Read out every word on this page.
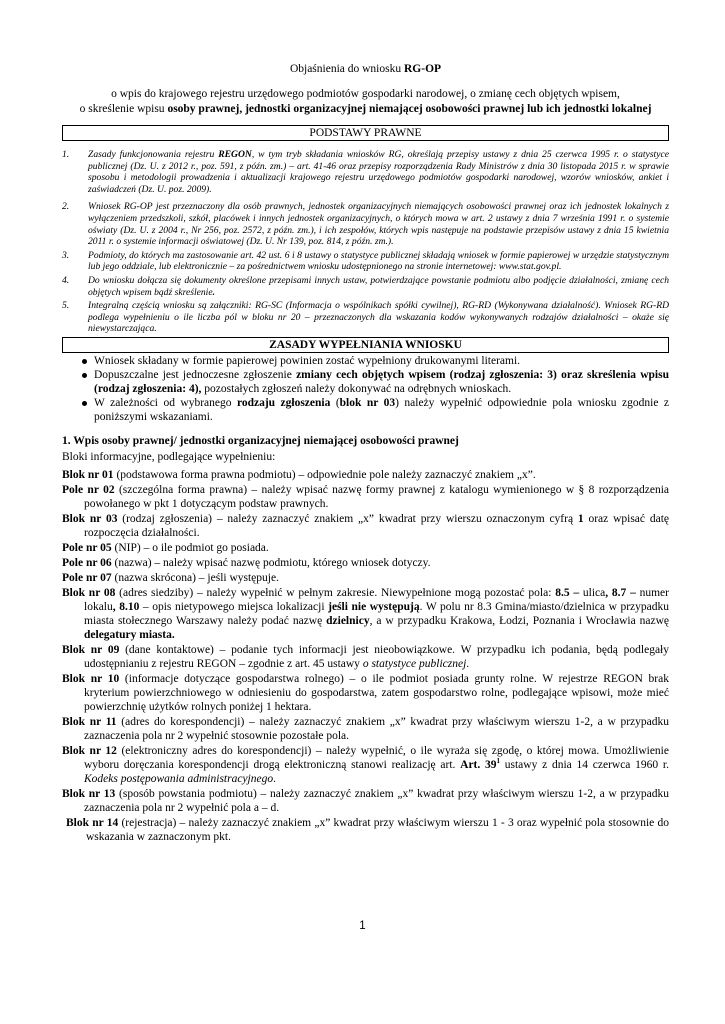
Objaśnienia do wniosku RG-OP
o wpis do krajowego rejestru urzędowego podmiotów gospodarki narodowej, o zmianę cech objętych wpisem,
o skreślenie wpisu osoby prawnej, jednostki organizacyjnej niemającej osobowości prawnej lub ich jednostki lokalnej
PODSTAWY PRAWNE
1. Zasady funkcjonowania rejestru REGON, w tym tryb składania wniosków RG, określają przepisy ustawy z dnia 25 czerwca 1995 r. o statystyce publicznej (Dz. U. z 2012 r., poz. 591, z późn. zm.) – art. 41-46 oraz przepisy rozporządzenia Rady Ministrów z dnia 30 listopada 2015 r. w sprawie sposobu i metodologii prowadzenia i aktualizacji krajowego rejestru urzędowego podmiotów gospodarki narodowej, wzorów wniosków, ankiet i zaświadczeń (Dz. U. poz. 2009).
2. Wniosek RG-OP jest przeznaczony dla osób prawnych, jednostek organizacyjnych niemających osobowości prawnej oraz ich jednostek lokalnych z wyłączeniem przedszkoli, szkół, placówek i innych jednostek organizacyjnych, o których mowa w art. 2 ustawy z dnia 7 września 1991 r. o systemie oświaty (Dz. U. z 2004 r., Nr 256, poz. 2572, z późn. zm.), i ich zespołów, których wpis następuje na podstawie przepisów ustawy z dnia 15 kwietnia 2011 r. o systemie informacji oświatowej (Dz. U. Nr 139, poz. 814, z późn. zm.).
3. Podmioty, do których ma zastosowanie art. 42 ust. 6 i 8 ustawy o statystyce publicznej składają wniosek w formie papierowej w urzędzie statystycznym lub jego oddziale, lub elektronicznie – za pośrednictwem wniosku udostępnionego na stronie internetowej: www.stat.gov.pl.
4. Do wniosku dołącza się dokumenty określone przepisami innych ustaw, potwierdzające powstanie podmiotu albo podjęcie działalności, zmianę cech objętych wpisem bądź skreślenie.
5. Integralną częścią wniosku są załączniki: RG-SC (Informacja o wspólnikach spółki cywilnej), RG-RD (Wykonywana działalność). Wniosek RG-RD podlega wypełnieniu o ile liczba pól w bloku nr 20 – przeznaczonych dla wskazania kodów wykonywanych rodzajów działalności – okaże się niewystarczająca.
ZASADY WYPEŁNIANIA WNIOSKU
Wniosek składany w formie papierowej powinien zostać wypełniony drukowanymi literami.
Dopuszczalne jest jednoczesne zgłoszenie zmiany cech objętych wpisem (rodzaj zgłoszenia: 3) oraz skreślenia wpisu (rodzaj zgłoszenia: 4), pozostałych zgłoszeń należy dokonywać na odrębnych wnioskach.
W zależności od wybranego rodzaju zgłoszenia (blok nr 03) należy wypełnić odpowiednie pola wniosku zgodnie z poniższymi wskazaniami.
1. Wpis osoby prawnej/ jednostki organizacyjnej niemającej osobowości prawnej
Bloki informacyjne, podlegające wypełnieniu:
Blok nr 01 (podstawowa forma prawna podmiotu) – odpowiednie pole należy zaznaczyć znakiem „x”.
Pole nr 02 (szczególna forma prawna) – należy wpisać nazwę formy prawnej z katalogu wymienionego w § 8 rozporządzenia powołanego w pkt 1 dotyczącym podstaw prawnych.
Blok nr 03 (rodzaj zgłoszenia) – należy zaznaczyć znakiem „x” kwadrat przy wierszu oznaczonym cyfrą 1 oraz wpisać datę rozpoczęcia działalności.
Pole nr 05 (NIP) – o ile podmiot go posiada.
Pole nr 06 (nazwa) – należy wpisać nazwę podmiotu, którego wniosek dotyczy.
Pole nr 07 (nazwa skrócona) – jeśli występuje.
Blok nr 08 (adres siedziby) – należy wypełnić w pełnym zakresie. Niewypełnione mogą pozostać pola: 8.5 – ulica, 8.7 – numer lokalu, 8.10 – opis nietypowego miejsca lokalizacji jeśli nie występują. W polu nr 8.3 Gmina/miasto/dzielnica w przypadku miasta stołecznego Warszawy należy podać nazwę dzielnicy, a w przypadku Krakowa, Łodzi, Poznania i Wrocławia nazwę delegatury miasta.
Blok nr 09 (dane kontaktowe) – podanie tych informacji jest nieobowiązkowe. W przypadku ich podania, będą podlegały udostępnianiu z rejestru REGON – zgodnie z art. 45 ustawy o statystyce publicznej.
Blok nr 10 (informacje dotyczące gospodarstwa rolnego) – o ile podmiot posiada grunty rolne. W rejestrze REGON brak kryterium powierzchniowego w odniesieniu do gospodarstwa, zatem gospodarstwo rolne, podlegające wpisowi, może mieć powierzchnię użytków rolnych poniżej 1 hektara.
Blok nr 11 (adres do korespondencji) – należy zaznaczyć znakiem „x” kwadrat przy właściwym wierszu 1-2, a w przypadku zaznaczenia pola nr 2 wypełnić stosownie pozostałe pola.
Blok nr 12 (elektroniczny adres do korespondencji) – należy wypełnić, o ile wyraża się zgodę, o której mowa. Umożliwienie wyboru doręczania korespondencji drogą elektroniczną stanowi realizację art. Art. $39^1$ ustawy z dnia 14 czerwca 1960 r. Kodeks postępowania administracyjnego.
Blok nr 13 (sposób powstania podmiotu) – należy zaznaczyć znakiem „x” kwadrat przy właściwym wierszu 1-2, a w przypadku zaznaczenia pola nr 2 wypełnić pola a – d.
Blok nr 14 (rejestracja) – należy zaznaczyć znakiem „x” kwadrat przy właściwym wierszu 1 - 3 oraz wypełnić pola stosownie do wskazania w zaznaczonym pkt.
1
